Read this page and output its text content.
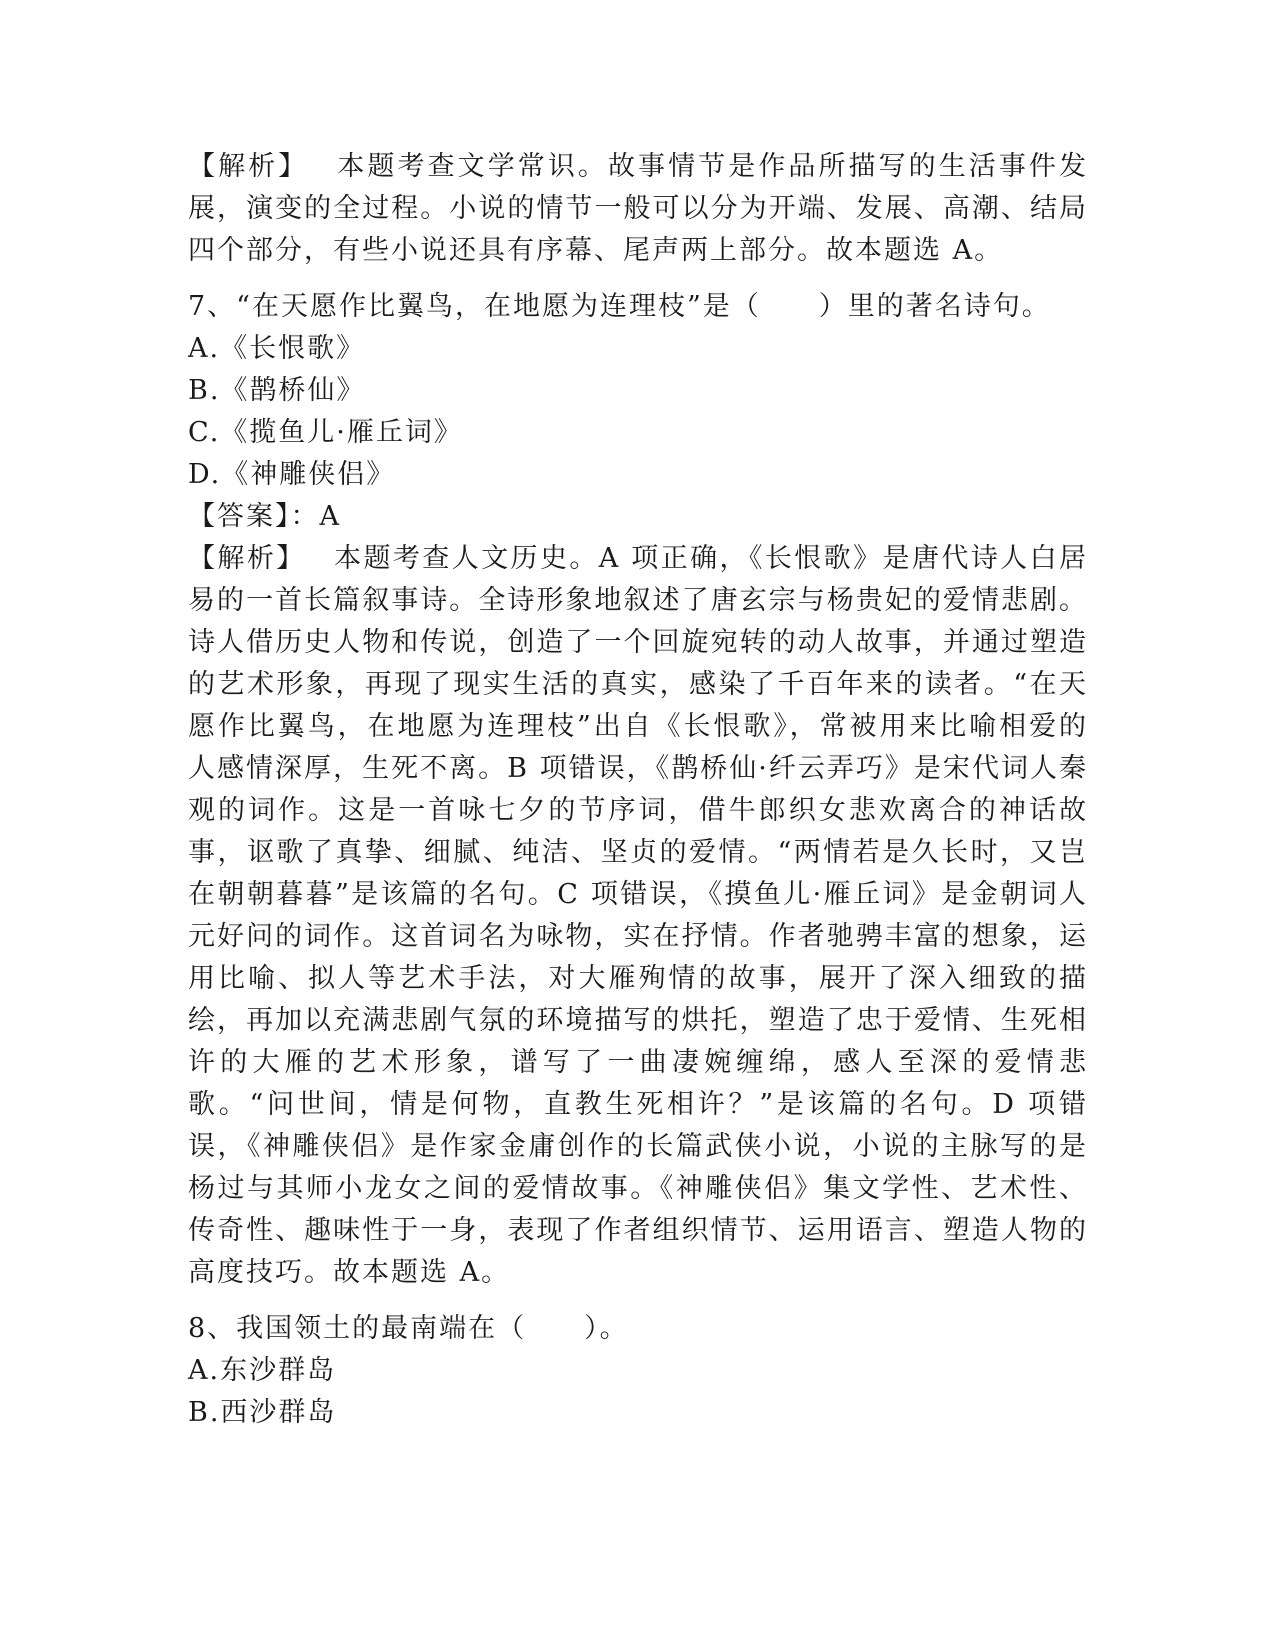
【解析】 本题考查文学常识。故事情节是作品所描写的生活事件发展，演变的全过程。小说的情节一般可以分为开端、发展、高潮、结局四个部分，有些小说还具有序幕、尾声两上部分。故本题选 A。

7、“在天愿作比翼鸟，在地愿为连理枝”是（　　）里的著名诗句。

A.《长恨歌》

B.《鹊桥仙》

C.《揽鱼儿·雁丘词》

D.《神雕侠侣》

【答案】：A

【解析】 本题考查人文历史。A 项正确，《长恨歌》是唐代诗人白居易的一首长篇叙事诗。全诗形象地叙述了唐玄宗与杨贵妃的爱情悲剧。诗人借历史人物和传说，创造了一个回旋宛转的动人故事，并通过塑造的艺术形象，再现了现实生活的真实，感染了千百年来的读者。“在天愿作比翼鸟，在地愿为连理枝”出自《长恨歌》，常被用来比喻相爱的人感情深厚，生死不离。B 项错误，《鹊桥仙·纤云弄巧》是宋代词人秦观的词作。这是一首咏七夕的节序词，借牛郎织女悲欢离合的神话故事，讴歌了真挚、细腻、纯洁、坚贞的爱情。“两情若是久长时，又岂在朝朝暮暮”是该篇的名句。C 项错误，《摸鱼儿·雁丘词》是金朝词人元好问的词作。这首词名为咏物，实在抒情。作者驰骋丰富的想象，运用比喻、拟人等艺术手法，对大雁殉情的故事，展开了深入细致的描绘，再加以充满悲剧气氛的环境描写的烘托，塑造了忠于爱情、生死相许的大雁的艺术形象，谱写了一曲凄婉缠绵，感人至深的爱情悲歌。“问世间，情是何物，直教生死相许？”是该篇的名句。D 项错误，《神雕侠侣》是作家金庸创作的长篇武侠小说，小说的主脉写的是杨过与其师小龙女之间的爱情故事。《神雕侠侣》集文学性、艺术性、传奇性、趣味性于一身，表现了作者组织情节、运用语言、塑造人物的高度技巧。故本题选 A。

8、我国领土的最南端在（　　）。

A.东沙群岛

B.西沙群岛
